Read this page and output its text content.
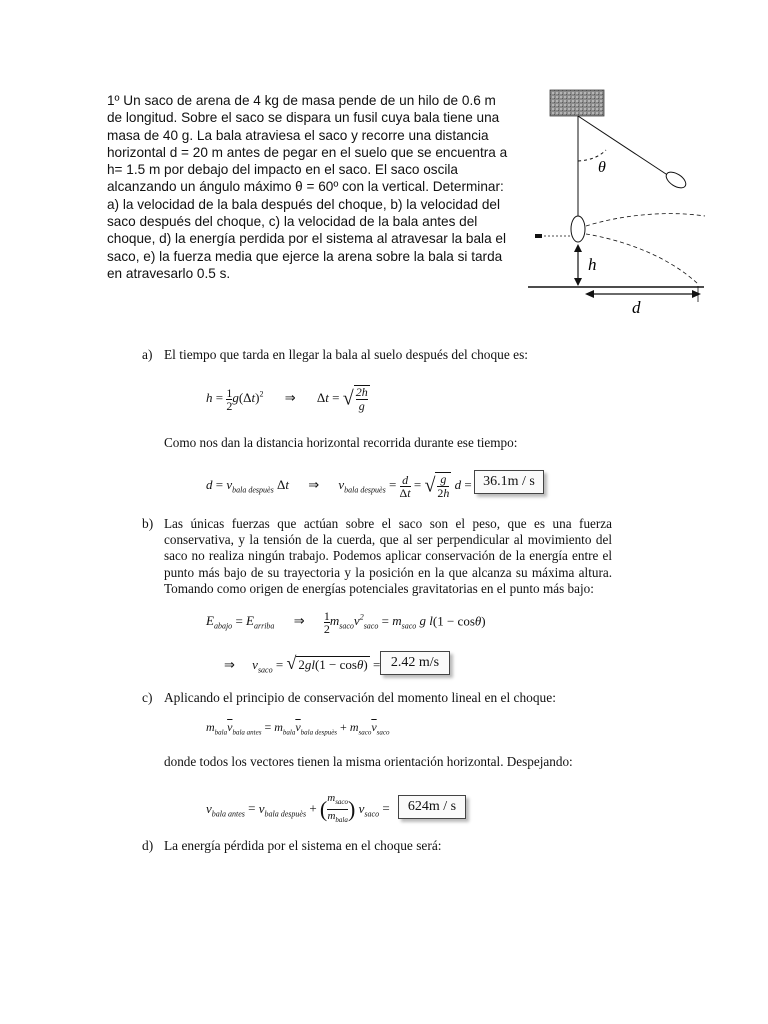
1º Un saco de arena de 4 kg de masa pende de un hilo de 0.6 m de longitud. Sobre el saco se dispara un fusil cuya bala tiene una masa de 40 g. La bala atraviesa el saco y recorre una distancia horizontal d = 20 m antes de pegar en el suelo que se encuentra a h= 1.5 m por debajo del impacto en el saco. El saco oscila alcanzando un ángulo máximo θ = 60º con la vertical. Determinar: a) la velocidad de la bala después del choque, b) la velocidad del saco después del choque, c) la velocidad de la bala antes del choque, d) la energía perdida por el sistema al atravesar la bala el saco, e) la fuerza media que ejerce la arena sobre la bala si tarda en atravesarlo 0.5 s.
θ
h
d
a) El tiempo que tarda en llegar la bala al suelo después del choque es:
$h = \frac{1}{2} g(\Delta t)^2$ ⇒ Δt = √ $\frac{2h}{g}$
Como nos dan la distancia horizontal recorrida durante ese tiempo:
$d = v_{bala despuès}$ Δt ⇒ $v_{bala despuès} = \frac{d}{\Delta t}$ = √ $\frac{g}{2h}$ d = 36.1m / s
b) Las únicas fuerzas que actúan sobre el saco son el peso, que es una fuerza conservativa, y la tensión de la cuerda, que al ser perpendicular al movimiento del saco no realiza ningún trabajo. Podemos aplicar conservación de la energía entre el punto más bajo de su trayectoria y la posición en la que alcanza su máxima altura. Tomando como origen de energías potenciales gravitatorias en el punto más bajo:
$E_{abajo} = E_{arriba}$ ⇒ $\frac{1}{2} m_{saco}v^2_{saco} = m_{saco}$ g l(1 − cosθ)
⇒ $v_{saco}$ = √ 2gl(1 − cosθ) = 2.42 m/s
c) Aplicando el principio de conservación del momento lineal en el choque:
$m_{bala}\overline{v}_{bala antes} = m_{bala}\overline{v}_{bala despuès} + m_{saco}\overline{v}_{saco}$
donde todos los vectores tienen la misma orientación horizontal. Despejando:
$v_{bala antes} = v_{bala despuès}$ + ( $m_{saco}$
$m_{bala}$ ) $v_{saco}$ =	624m / s
d) La energía pérdida por el sistema en el choque será:
